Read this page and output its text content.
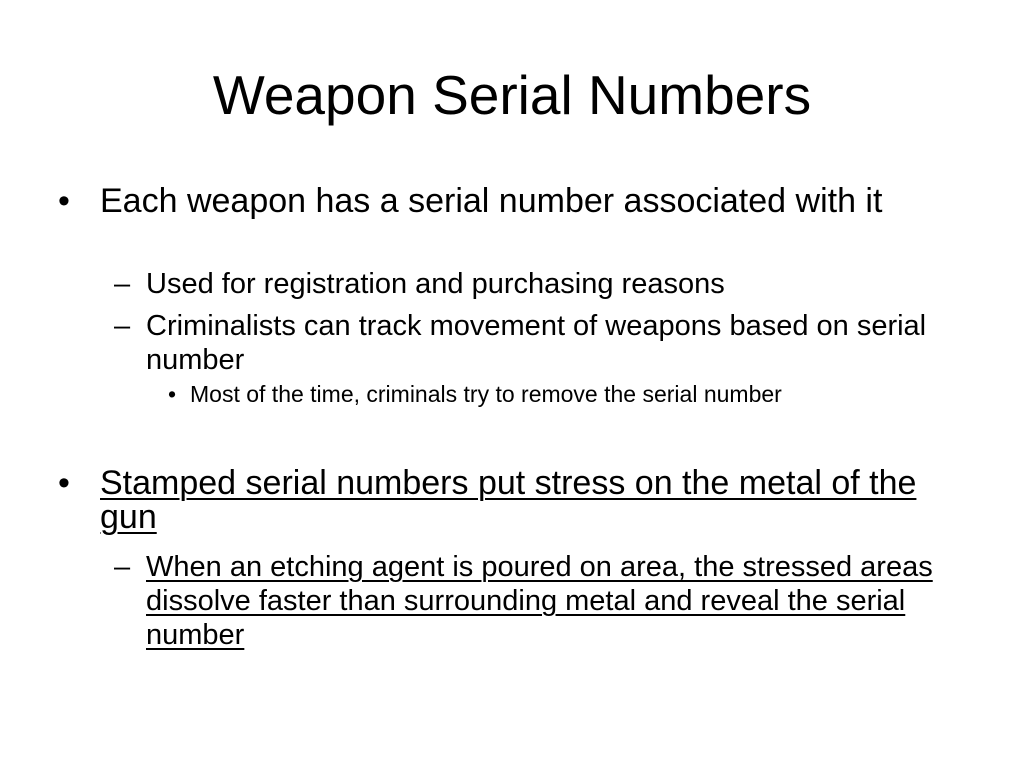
Weapon Serial Numbers
• Each weapon has a serial number associated with it
– Used for registration and purchasing reasons
– Criminalists can track movement of weapons based on serial number
• Most of the time, criminals try to remove the serial number
• Stamped serial numbers put stress on the metal of the gun
– When an etching agent is poured on area, the stressed areas dissolve faster than surrounding metal and reveal the serial number
